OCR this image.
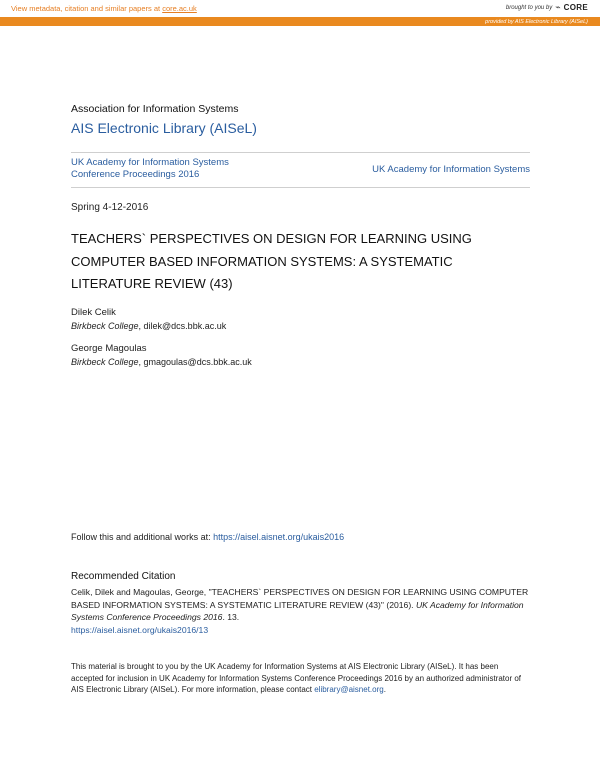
View metadata, citation and similar papers at core.ac.uk	brought to you by ⌁ CORE
provided by AIS Electronic Library (AISeL)
Association for Information Systems
AIS Electronic Library (AISeL)
UK Academy for Information Systems
Conference Proceedings 2016	UK Academy for Information Systems
Spring 4-12-2016
TEACHERS` PERSPECTIVES ON DESIGN FOR LEARNING USING COMPUTER BASED INFORMATION SYSTEMS: A SYSTEMATIC LITERATURE REVIEW (43)
Dilek Celik
Birkbeck College, dilek@dcs.bbk.ac.uk
George Magoulas
Birkbeck College, gmagoulas@dcs.bbk.ac.uk
Follow this and additional works at: https://aisel.aisnet.org/ukais2016
Recommended Citation
Celik, Dilek and Magoulas, George, "TEACHERS` PERSPECTIVES ON DESIGN FOR LEARNING USING COMPUTER BASED INFORMATION SYSTEMS: A SYSTEMATIC LITERATURE REVIEW (43)" (2016). UK Academy for Information Systems Conference Proceedings 2016. 13.
https://aisel.aisnet.org/ukais2016/13
This material is brought to you by the UK Academy for Information Systems at AIS Electronic Library (AISeL). It has been accepted for inclusion in UK Academy for Information Systems Conference Proceedings 2016 by an authorized administrator of AIS Electronic Library (AISeL). For more information, please contact elibrary@aisnet.org.
